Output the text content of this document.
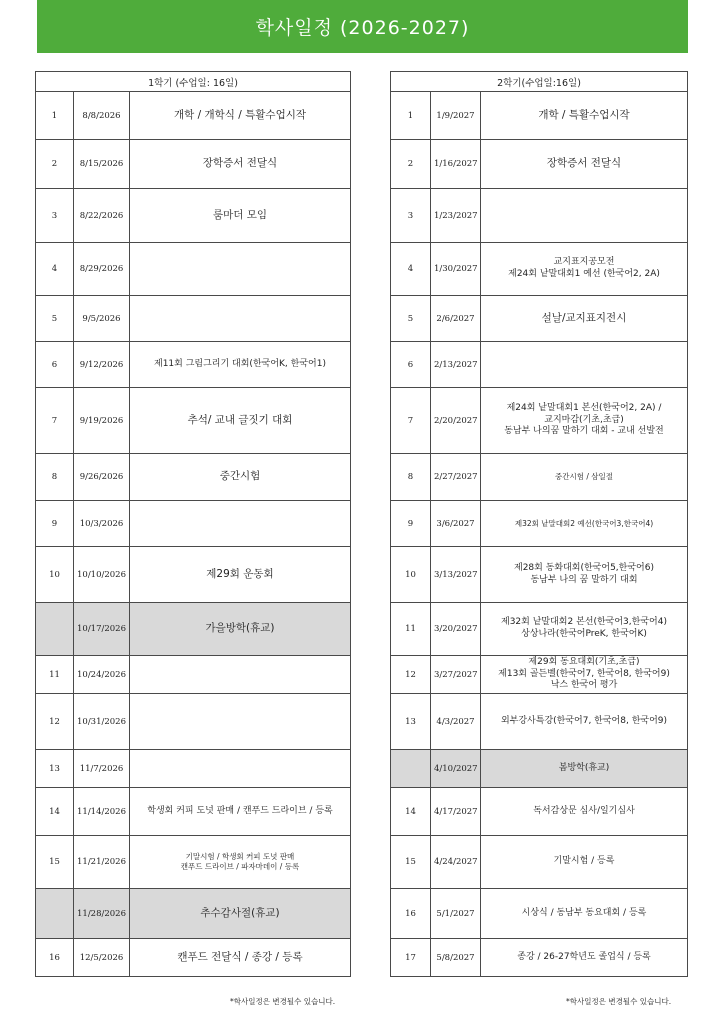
학사일정 (2026-2027)
1학기 (수업일: 16일)		
1	8/8/2026	개학 / 개학식 / 특활수업시작

2	8/15/2026	장학증서 전달식

3	8/22/2026	룸마더 모임

4	8/29/2026	
5	9/5/2026	
6	9/12/2026	제11회 그림그리기 대회(한국어K, 한국어1)

7	9/19/2026	추석/ 교내 글짓기 대회

8	9/26/2026	중간시험

9	10/3/2026	
10	10/10/2026	제29회 운동회

	10/17/2026	가을방학(휴교)

11	10/24/2026	
12	10/31/2026	
13	11/7/2026	
14	11/14/2026	학생회 커피 도넛 판매 / 캔푸드 드라이브 / 등록

15	11/21/2026	기말시험 / 학생회 커피 도넛 판매
캔푸드 드라이브 / 파자마데이 / 등록

	11/28/2026	추수감사절(휴교)

16	12/5/2026	캔푸드 전달식 / 종강 / 등록
2학기(수업일:16일)		
1	1/9/2027	개학 / 특활수업시작

2	1/16/2027	장학증서 전달식

3	1/23/2027	
4	1/30/2027	교지표지공모전
제24회 낱말대회1 예선 (한국어2, 2A)

5	2/6/2027	설날/교지표지전시

6	2/13/2027	
7	2/20/2027	제24회 낱말대회1 본선(한국어2, 2A) /
교지마감(기초,초급)
동남부 나의꿈 말하기 대회 - 교내 선발전

8	2/27/2027	중간시험 / 삼일절

9	3/6/2027	제32회 낱말대회2 예선(한국어3,한국어4)

10	3/13/2027	제28회 동화대회(한국어5,한국어6)
동남부 나의 꿈 말하기 대회

11	3/20/2027	제32회 낱말대회2 본선(한국어3,한국어4)
상상나라(한국어PreK, 한국어K)

12	3/27/2027	제29회 동요대회(기초,초급)
제13회 골든벨(한국어7, 한국어8, 한국어9)
낙스 한국어 평가

13	4/3/2027	외부강사특강(한국어7, 한국어8, 한국어9)

	4/10/2027	봄방학(휴교)

14	4/17/2027	독서감상문 심사/일기심사

15	4/24/2027	기말시험 / 등록

16	5/1/2027	시상식 / 동남부 동요대회 / 등록

17	5/8/2027	종강 / 26-27학년도 졸업식 / 등록
*학사일정은 변경될수 있습니다.	*학사일정은 변경될수 있습니다.
